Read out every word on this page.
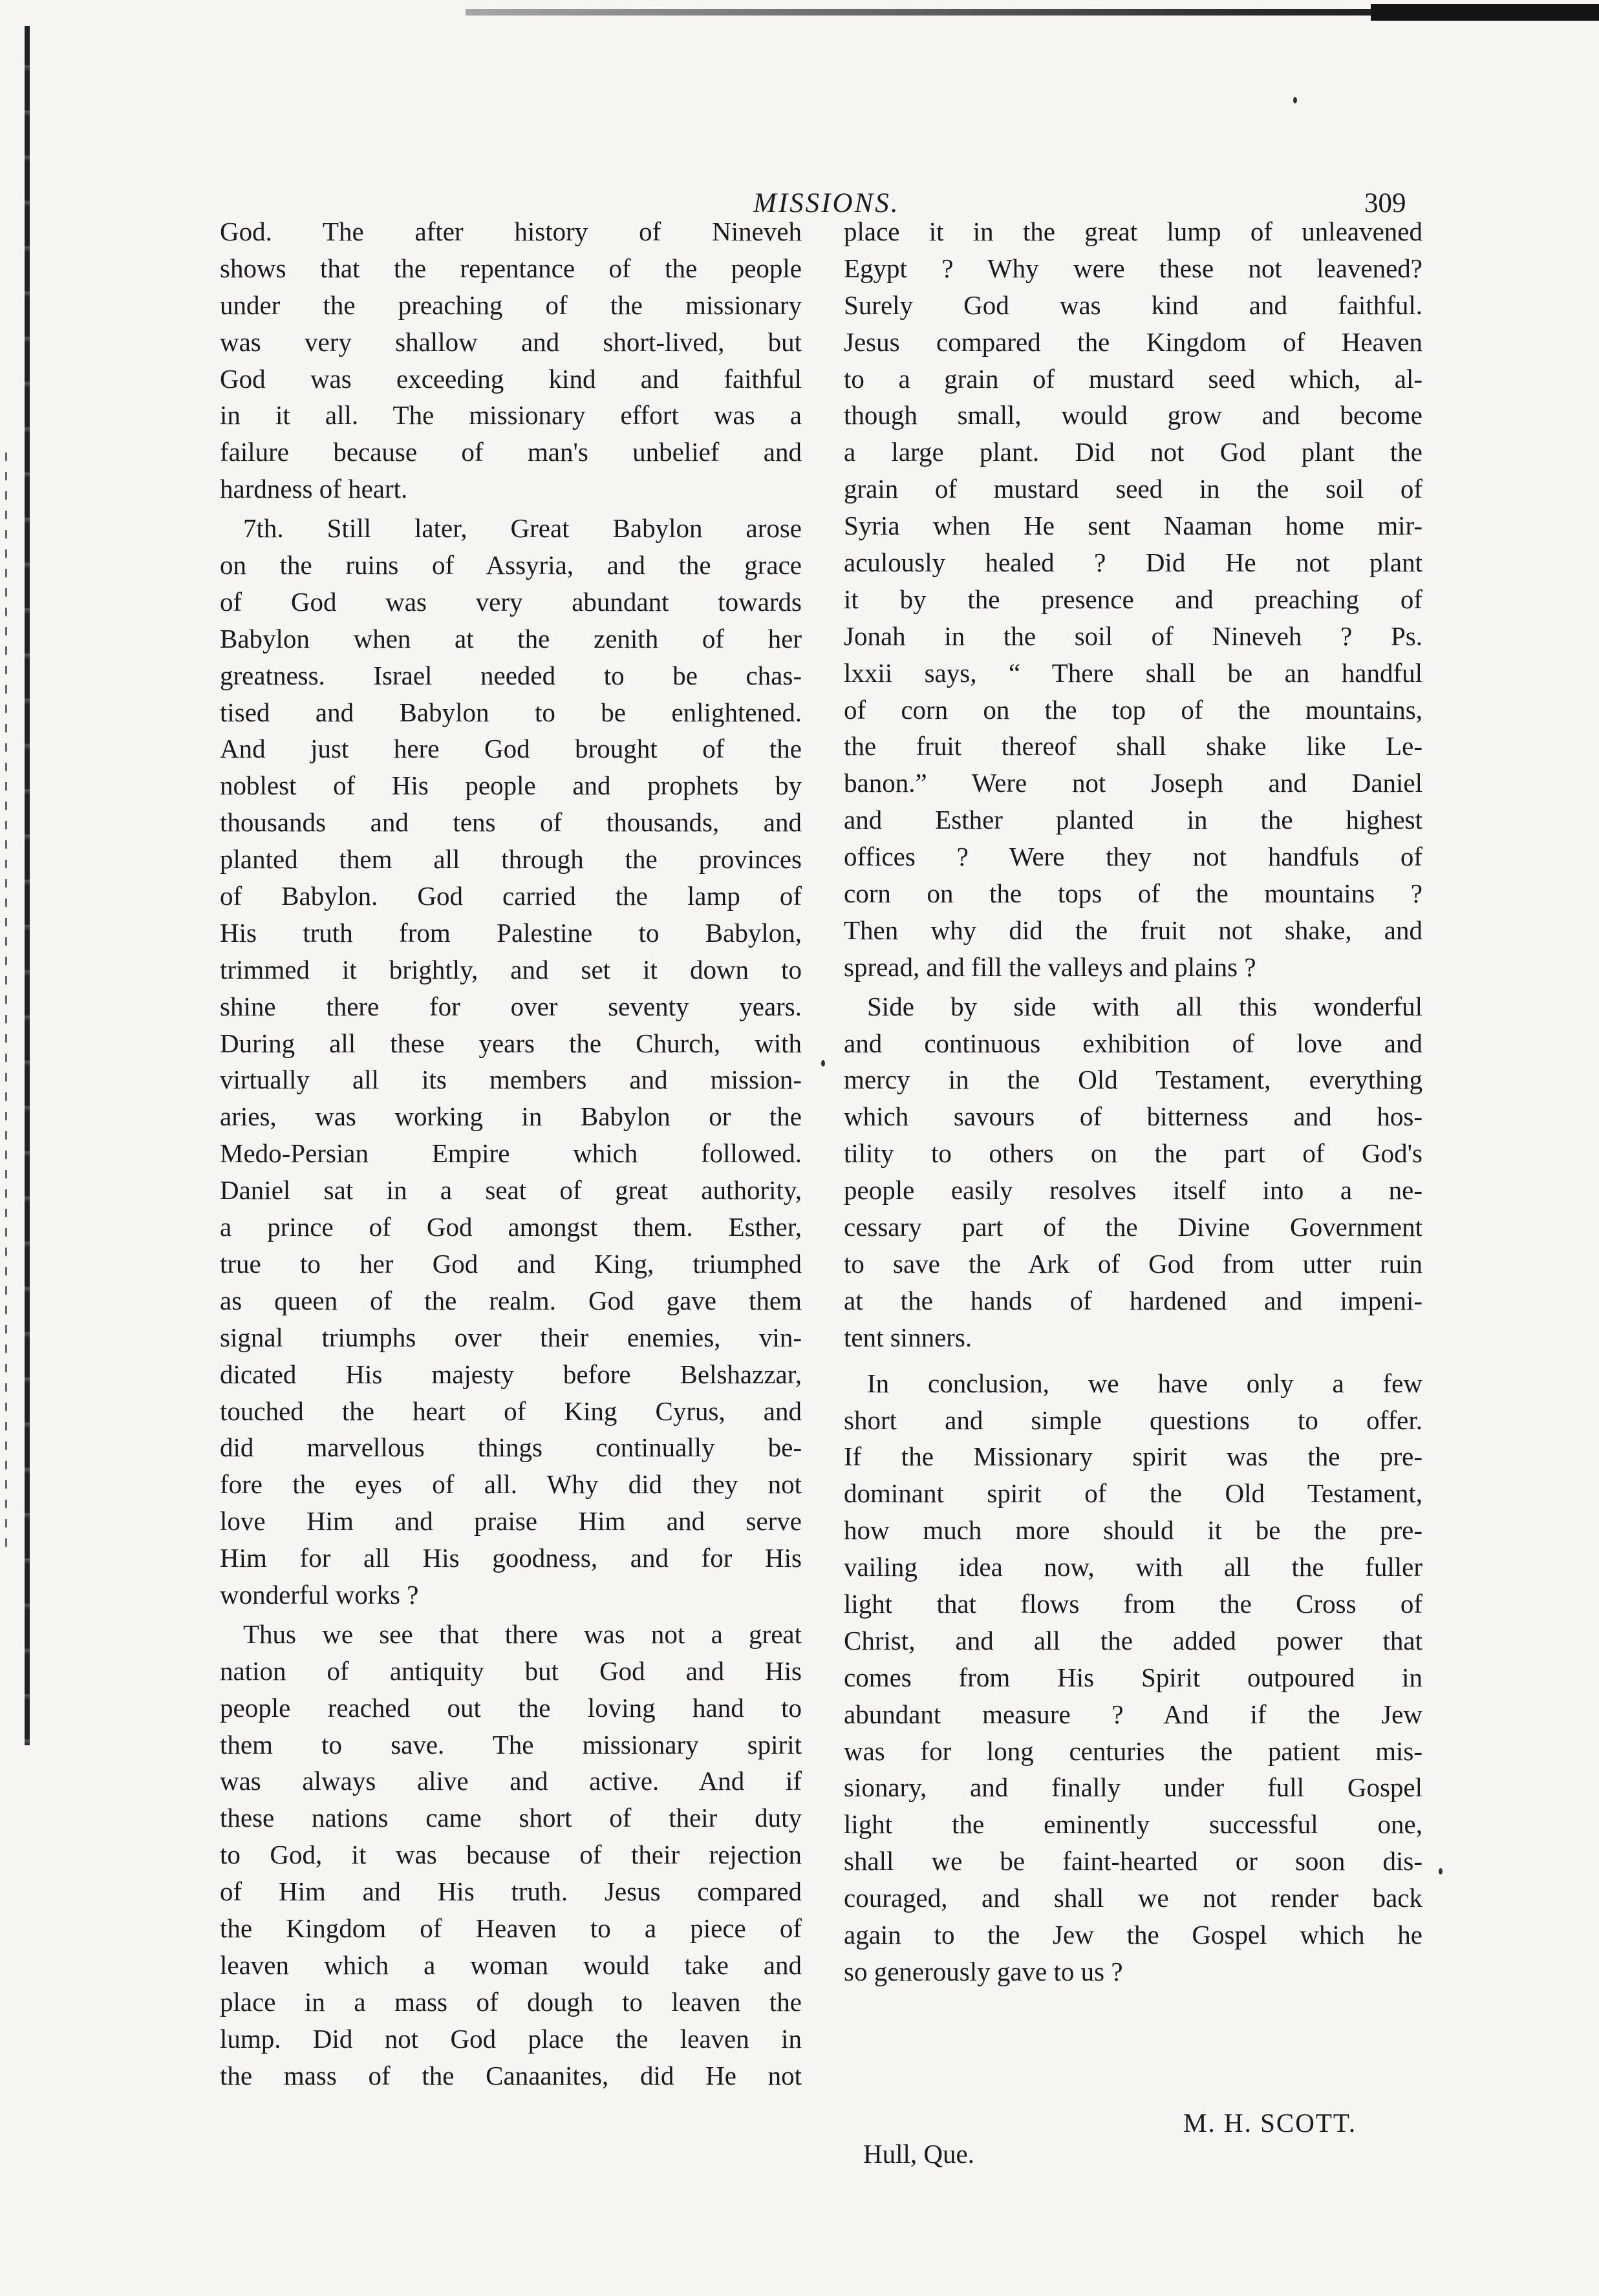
MISSIONS.	309
God. The after history of Nineveh
shows that the repentance of the people
under the preaching of the missionary
was very shallow and short-lived, but
God was exceeding kind and faithful
in it all. The missionary effort was a
failure because of man's unbelief and
hardness of heart.
7th. Still later, Great Babylon arose
on the ruins of Assyria, and the grace
of God was very abundant towards
Babylon when at the zenith of her
greatness. Israel needed to be chas-
tised and Babylon to be enlightened.
And just here God brought of the
noblest of His people and prophets by
thousands and tens of thousands, and
planted them all through the provinces
of Babylon. God carried the lamp of
His truth from Palestine to Babylon,
trimmed it brightly, and set it down to
shine there for over seventy years.
During all these years the Church, with
virtually all its members and mission-
aries, was working in Babylon or the
Medo-Persian Empire which followed.
Daniel sat in a seat of great authority,
a prince of God amongst them. Esther,
true to her God and King, triumphed
as queen of the realm. God gave them
signal triumphs over their enemies, vin-
dicated His majesty before Belshazzar,
touched the heart of King Cyrus, and
did marvellous things continually be-
fore the eyes of all. Why did they not
love Him and praise Him and serve
Him for all His goodness, and for His
wonderful works ?
Thus we see that there was not a great
nation of antiquity but God and His
people reached out the loving hand to
them to save. The missionary spirit
was always alive and active. And if
these nations came short of their duty
to God, it was because of their rejection
of Him and His truth. Jesus compared
the Kingdom of Heaven to a piece of
leaven which a woman would take and
place in a mass of dough to leaven the
lump. Did not God place the leaven in
the mass of the Canaanites, did He not
place it in the great lump of unleavened
Egypt ? Why were these not leavened?
Surely God was kind and faithful.
Jesus compared the Kingdom of Heaven
to a grain of mustard seed which, al-
though small, would grow and become
a large plant. Did not God plant the
grain of mustard seed in the soil of
Syria when He sent Naaman home mir-
aculously healed ? Did He not plant
it by the presence and preaching of
Jonah in the soil of Nineveh ? Ps.
lxxii says, “ There shall be an handful
of corn on the top of the mountains,
the fruit thereof shall shake like Le-
banon.” Were not Joseph and Daniel
and Esther planted in the highest
offices ? Were they not handfuls of
corn on the tops of the mountains ?
Then why did the fruit not shake, and
spread, and fill the valleys and plains ?
Side by side with all this wonderful
and continuous exhibition of love and
mercy in the Old Testament, everything
which savours of bitterness and hos-
tility to others on the part of God's
people easily resolves itself into a ne-
cessary part of the Divine Government
to save the Ark of God from utter ruin
at the hands of hardened and impeni-
tent sinners.
In conclusion, we have only a few
short and simple questions to offer.
If the Missionary spirit was the pre-
dominant spirit of the Old Testament,
how much more should it be the pre-
vailing idea now, with all the fuller
light that flows from the Cross of
Christ, and all the added power that
comes from His Spirit outpoured in
abundant measure ? And if the Jew
was for long centuries the patient mis-
sionary, and finally under full Gospel
light the eminently successful one,
shall we be faint-hearted or soon dis-
couraged, and shall we not render back
again to the Jew the Gospel which he
so generously gave to us ?
M. H. SCOTT.
Hull, Que.
